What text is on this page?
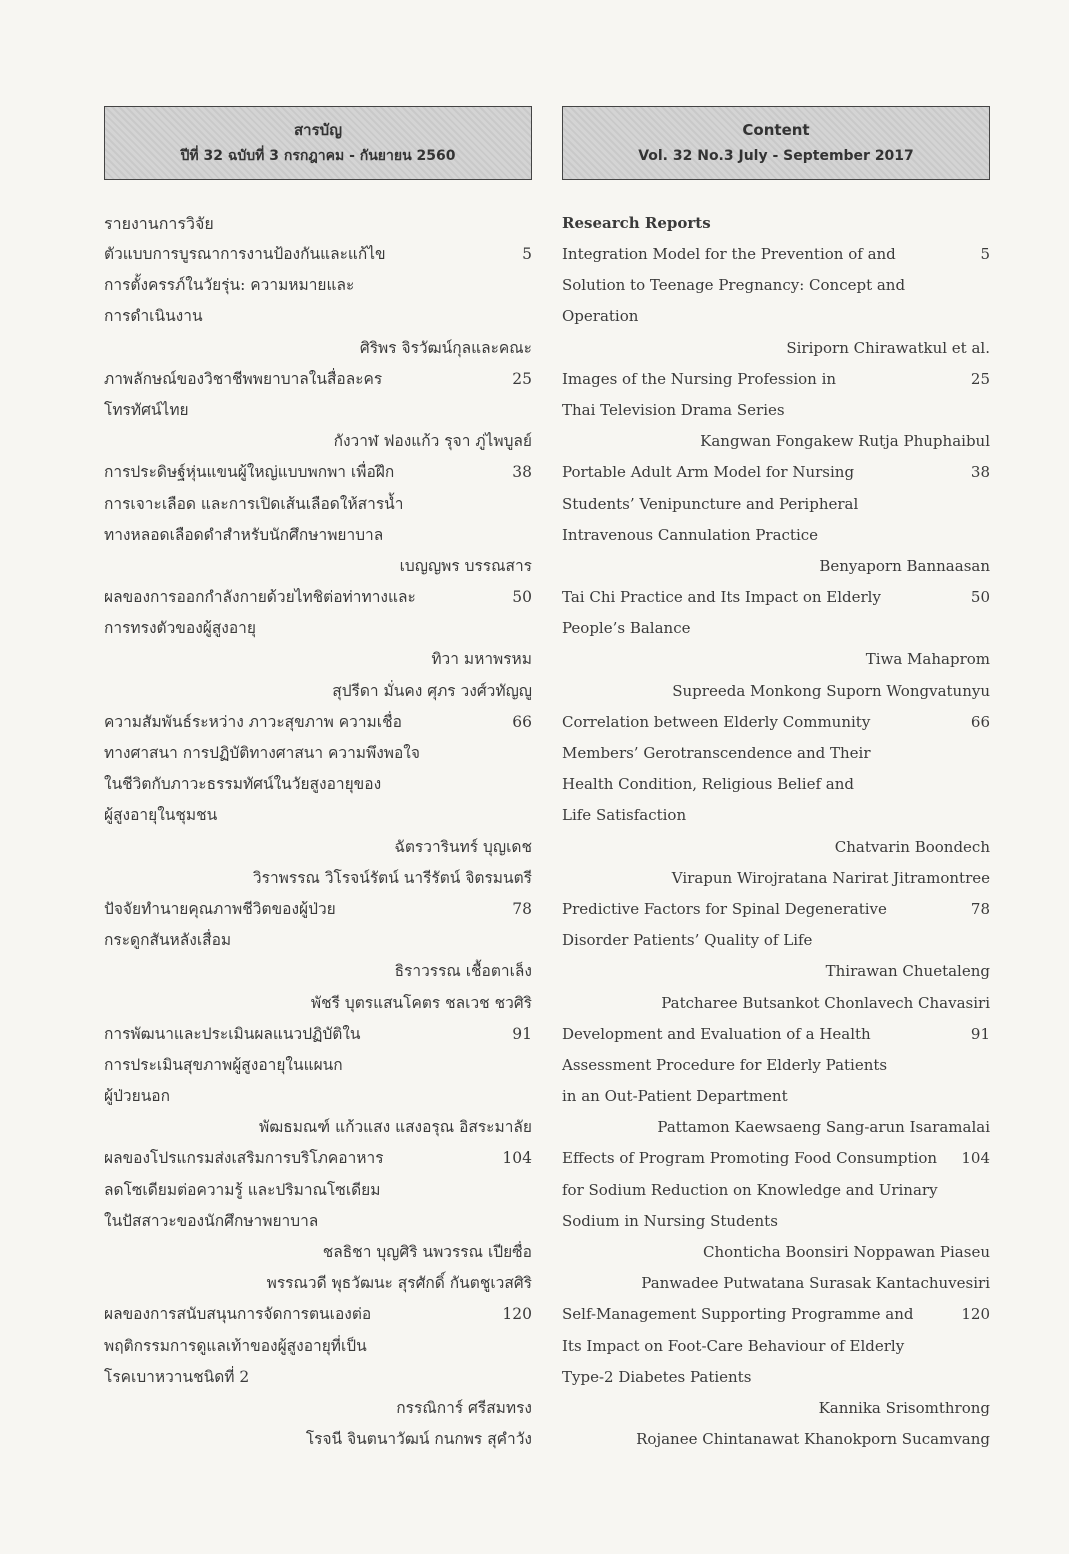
สารบัญ
ปีที่ 32 ฉบับที่ 3 กรกฎาคม - กันยายน 2560
รายงานการวิจัย
ตัวแบบการบูรณาการงานป้องกันและแก้ไข	5
การตั้งครรภ์ในวัยรุ่น: ความหมายและ
การดำเนินงาน
ศิริพร จิรวัฒน์กุลและคณะ
ภาพลักษณ์ของวิชาชีพพยาบาลในสื่อละคร	25
โทรทัศน์ไทย
กังวาฬ ฟองแก้ว รุจา ภู่ไพบูลย์
การประดิษฐ์หุ่นแขนผู้ใหญ่แบบพกพา เพื่อฝึก	38
การเจาะเลือด และการเปิดเส้นเลือดให้สารน้ำ
ทางหลอดเลือดดำสำหรับนักศึกษาพยาบาล
เบญญพร บรรณสาร
ผลของการออกกำลังกายด้วยไทชิต่อท่าทางและ	50
การทรงตัวของผู้สูงอายุ
ทิวา มหาพรหม
สุปรีดา มั่นคง ศุภร วงศ์วทัญญู
ความสัมพันธ์ระหว่าง ภาวะสุขภาพ ความเชื่อ	66
ทางศาสนา การปฏิบัติทางศาสนา ความพึงพอใจ
ในชีวิตกับภาวะธรรมทัศน์ในวัยสูงอายุของ
ผู้สูงอายุในชุมชน
ฉัตรวารินทร์ บุญเดช
วิราพรรณ วิโรจน์รัตน์ นารีรัตน์ จิตรมนตรี
ปัจจัยทำนายคุณภาพชีวิตของผู้ป่วย	78
กระดูกสันหลังเสื่อม
ธิราวรรณ เชื้อตาเล็ง
พัชรี บุตรแสนโคตร ชลเวช ชวศิริ
การพัฒนาและประเมินผลแนวปฏิบัติใน	91
การประเมินสุขภาพผู้สูงอายุในแผนก
ผู้ป่วยนอก
พัฒธมณฑ์ แก้วแสง แสงอรุณ อิสระมาลัย
ผลของโปรแกรมส่งเสริมการบริโภคอาหาร	104
ลดโซเดียมต่อความรู้ และปริมาณโซเดียม
ในปัสสาวะของนักศึกษาพยาบาล
ชลธิชา บุญศิริ นพวรรณ เปียซื่อ
พรรณวดี พุธวัฒนะ สุรศักดิ์ กันตชูเวสศิริ
ผลของการสนับสนุนการจัดการตนเองต่อ	120
พฤติกรรมการดูแลเท้าของผู้สูงอายุที่เป็น
โรคเบาหวานชนิดที่ 2
กรรณิการ์ ศรีสมทรง
โรจนี จินตนาวัฒน์ กนกพร สุคำวัง
Content
Vol. 32 No.3 July - September 2017
Research Reports
Integration Model for the Prevention of and	5
Solution to Teenage Pregnancy: Concept and
Operation
Siriporn Chirawatkul et al.
Images of the Nursing Profession in	25
Thai Television Drama Series
Kangwan Fongakew Rutja Phuphaibul
Portable Adult Arm Model for Nursing	38
Students’ Venipuncture and Peripheral
Intravenous Cannulation Practice
Benyaporn Bannaasan
Tai Chi Practice and Its Impact on Elderly	50
People’s Balance
Tiwa Mahaprom
Supreeda Monkong Suporn Wongvatunyu
Correlation between Elderly Community	66
Members’ Gerotranscendence and Their
Health Condition, Religious Belief and
Life Satisfaction
Chatvarin Boondech
Virapun Wirojratana Narirat Jitramontree
Predictive Factors for Spinal Degenerative	78
Disorder Patients’ Quality of Life
Thirawan Chuetaleng
Patcharee Butsankot Chonlavech Chavasiri
Development and Evaluation of a Health	91
Assessment Procedure for Elderly Patients
in an Out-Patient Department
Pattamon Kaewsaeng Sang-arun Isaramalai
Effects of Program Promoting Food Consumption 104
for Sodium Reduction on Knowledge and Urinary
Sodium in Nursing Students
Chonticha Boonsiri Noppawan Piaseu
Panwadee Putwatana Surasak Kantachuvesiri
Self-Management Supporting Programme and	120
Its Impact on Foot-Care Behaviour of Elderly
Type-2 Diabetes Patients
Kannika Srisomthrong
Rojanee Chintanawat Khanokporn Sucamvang
